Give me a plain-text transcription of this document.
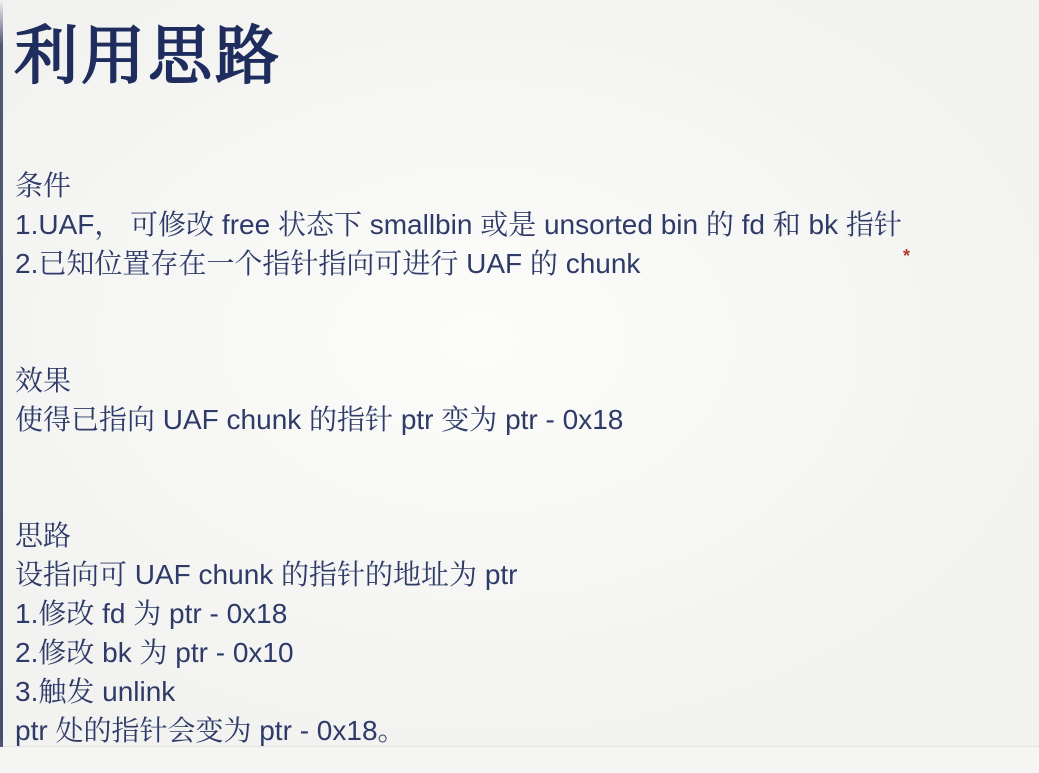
利用思路
条件
1.UAF， 可修改 free 状态下 smallbin 或是 unsorted bin 的 fd 和 bk 指针
2.已知位置存在一个指针指向可进行 UAF 的 chunk
效果
使得已指向 UAF chunk 的指针 ptr 变为 ptr - 0x18
思路
设指向可 UAF chunk 的指针的地址为 ptr
1.修改 fd 为 ptr - 0x18
2.修改 bk 为 ptr - 0x10
3.触发 unlink
ptr 处的指针会变为 ptr - 0x18。
*
